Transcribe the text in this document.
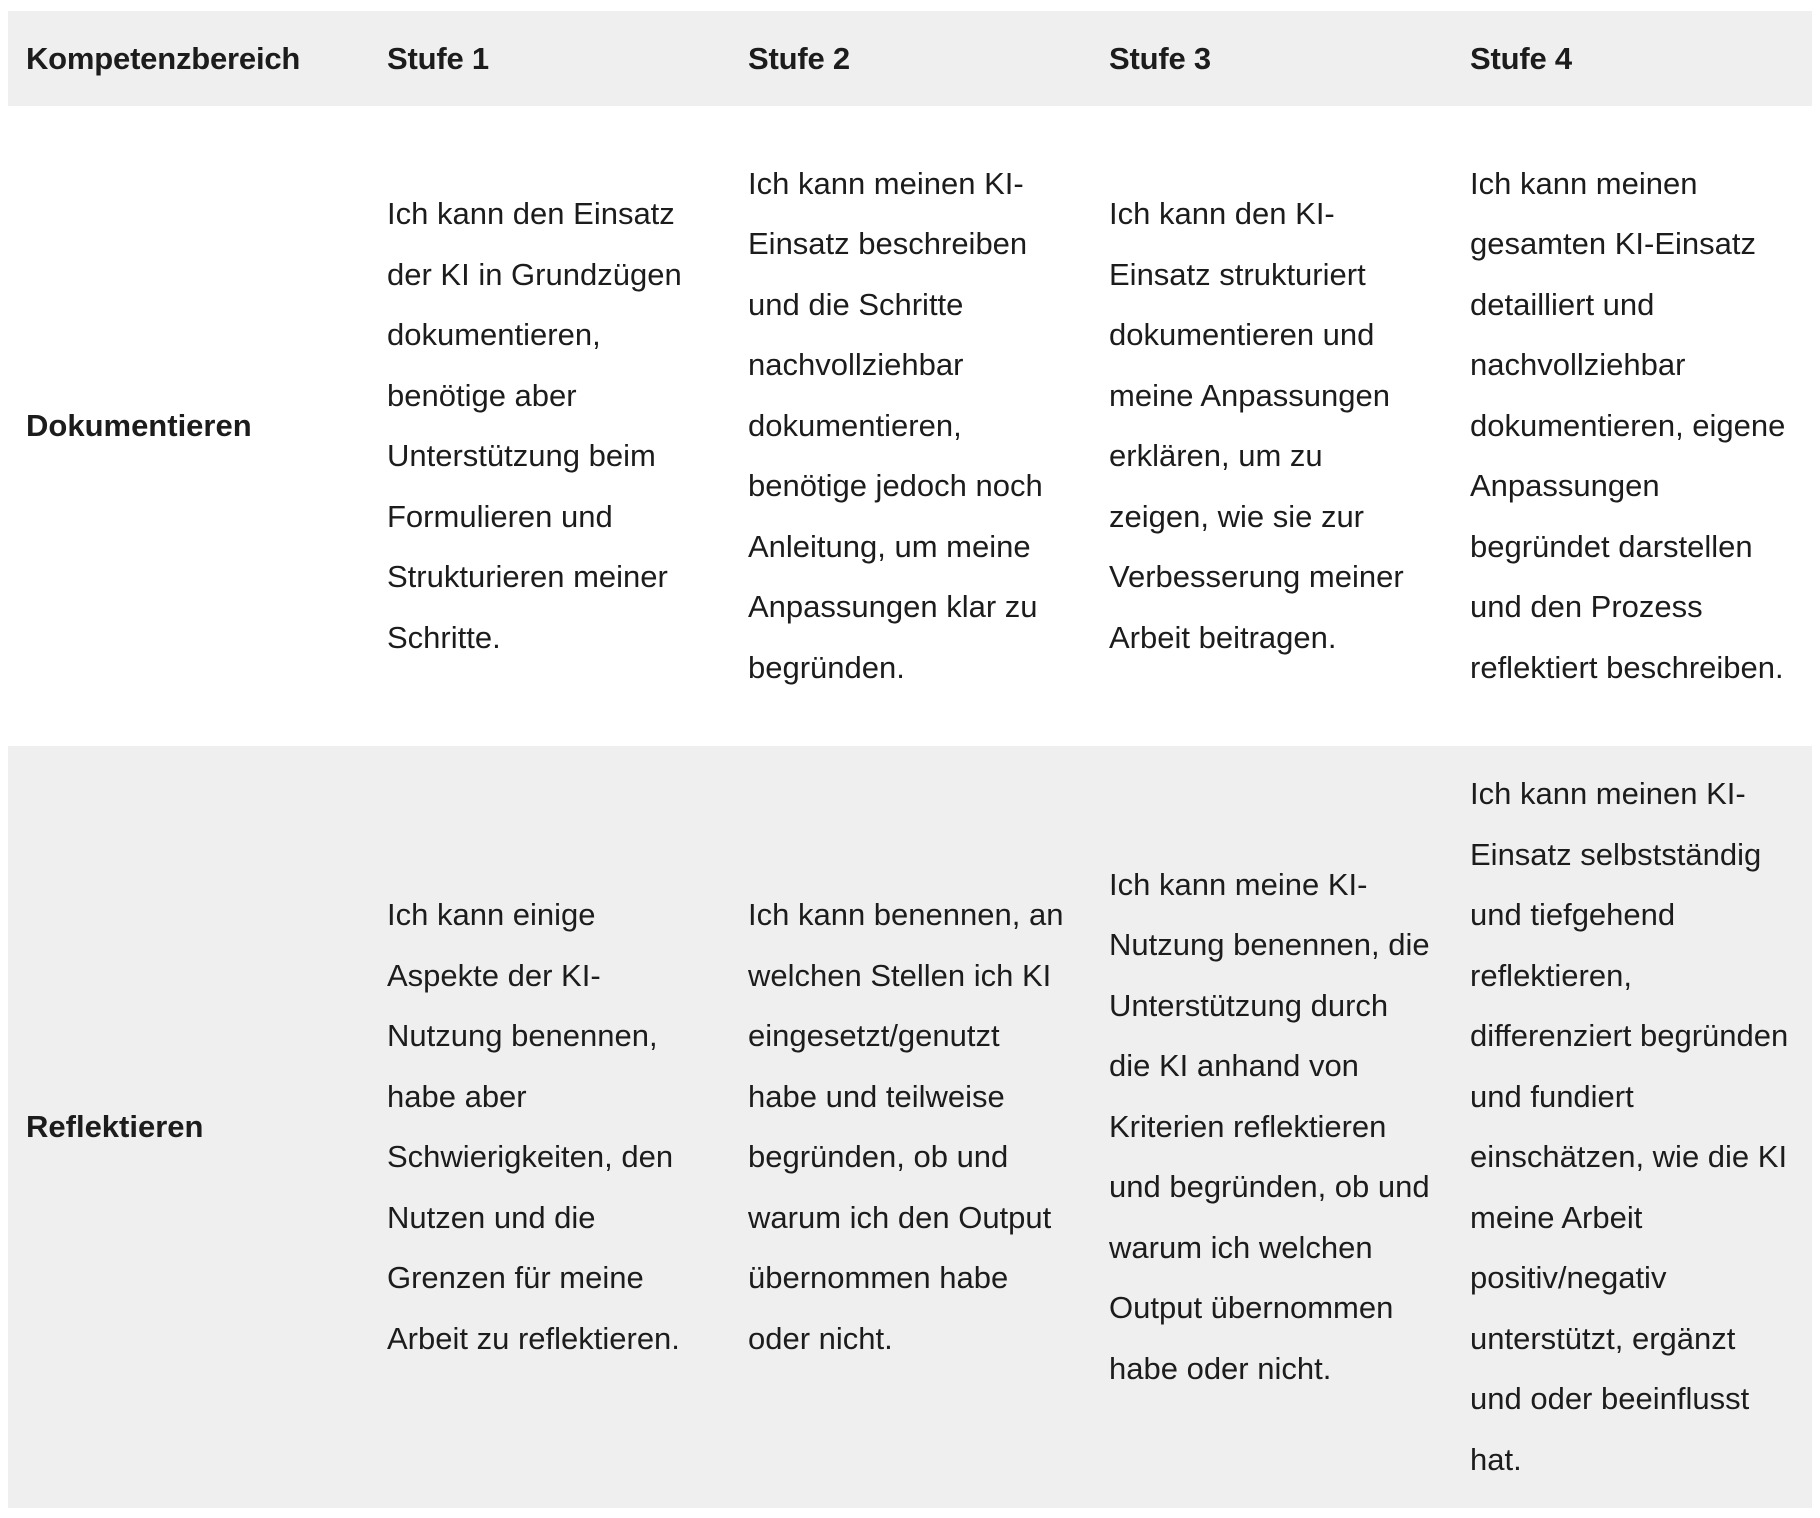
Kompetenzbereich	Stufe 1	Stufe 2	Stufe 3	Stufe 4
Dokumentieren	Ich kann den Einsatz der KI in Grundzügen dokumentieren, benötige aber Unterstützung beim Formulieren und Strukturieren meiner Schritte.	Ich kann meinen KI-Einsatz beschreiben und die Schritte nachvollziehbar dokumentieren, benötige jedoch noch Anleitung, um meine Anpassungen klar zu begründen.	Ich kann den KI-Einsatz strukturiert dokumentieren und meine Anpassungen erklären, um zu zeigen, wie sie zur Verbesserung meiner Arbeit beitragen.	Ich kann meinen gesamten KI-Einsatz detailliert und nachvollziehbar dokumentieren, eigene Anpassungen begründet darstellen und den Prozess reflektiert beschreiben.
Reflektieren	Ich kann einige Aspekte der KI-Nutzung benennen, habe aber Schwierigkeiten, den Nutzen und die Grenzen für meine Arbeit zu reflektieren.	Ich kann benennen, an welchen Stellen ich KI eingesetzt/genutzt habe und teilweise begründen, ob und warum ich den Output übernommen habe oder nicht.	Ich kann meine KI-Nutzung benennen, die Unterstützung durch die KI anhand von Kriterien reflektieren und begründen, ob und warum ich welchen Output übernommen habe oder nicht.	Ich kann meinen KI-Einsatz selbstständig und tiefgehend reflektieren, differenziert begründen und fundiert einschätzen, wie die KI meine Arbeit positiv/negativ unterstützt, ergänzt und oder beeinflusst hat.
